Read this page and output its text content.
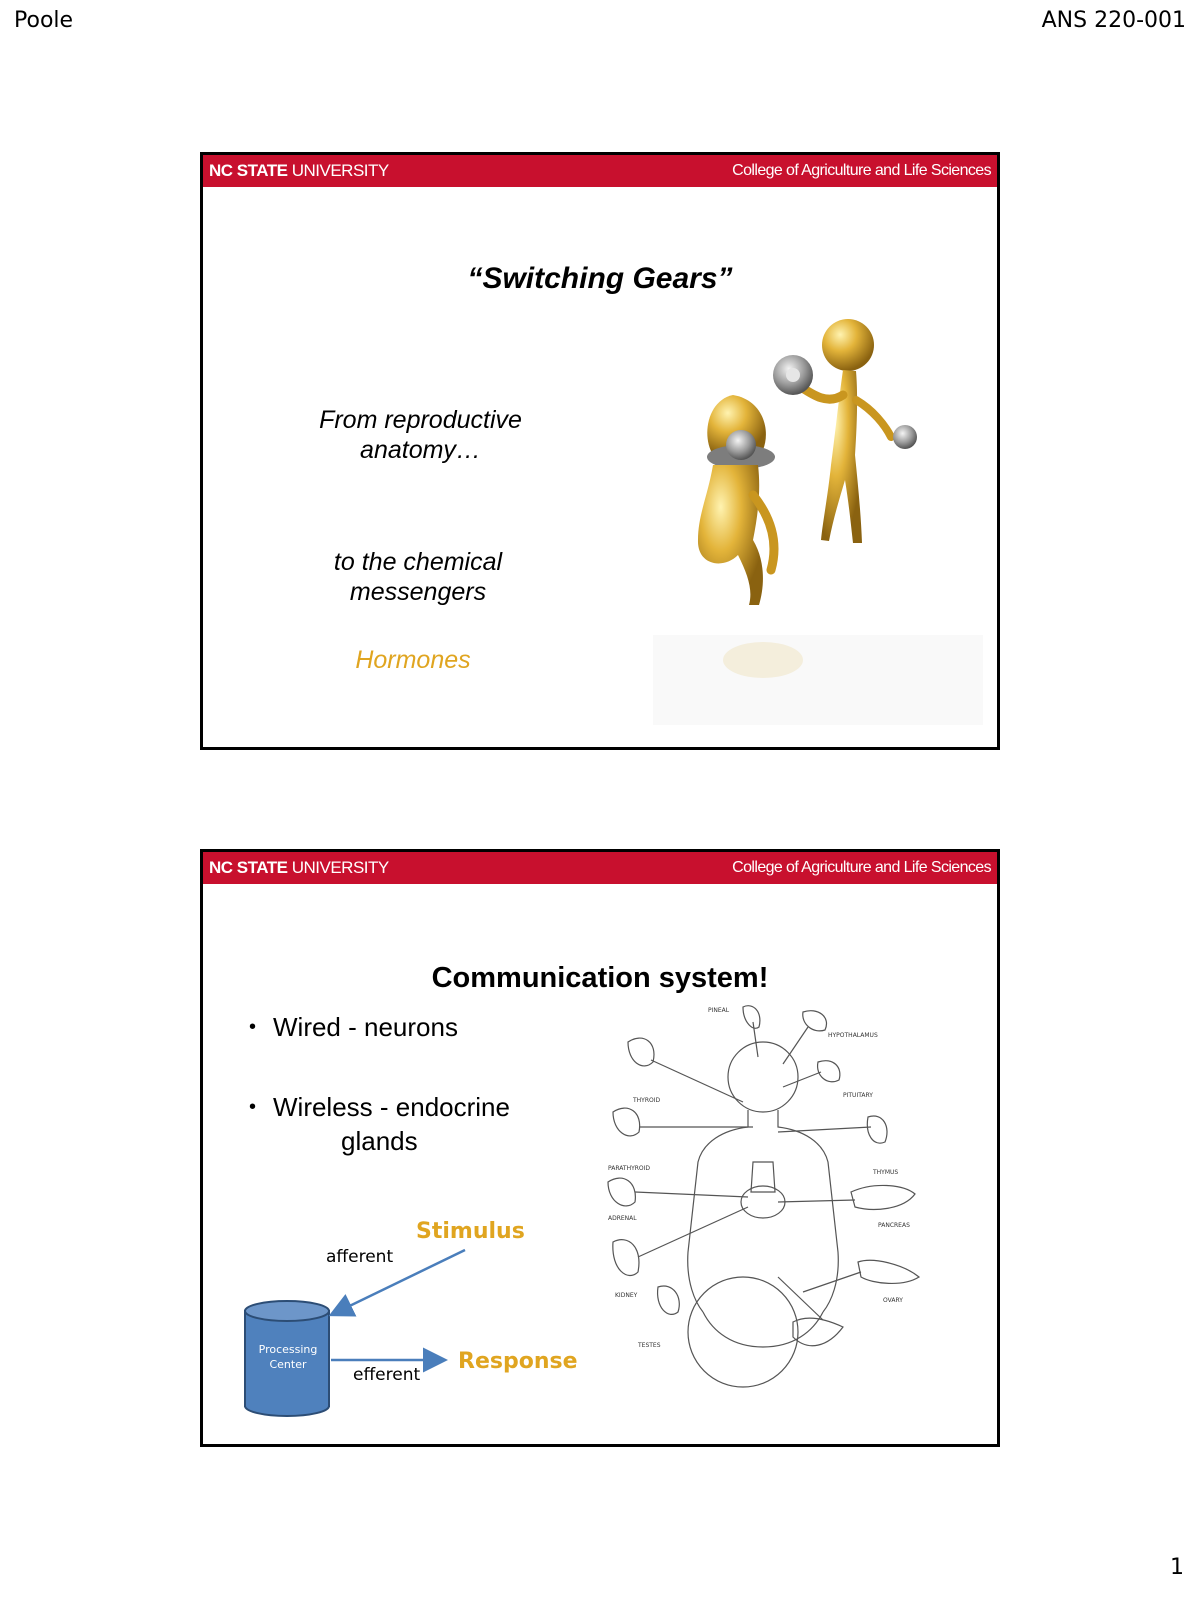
Poole	ANS 220-001
NC STATE UNIVERSITY	College of Agriculture and Life Sciences
“Switching Gears”
From reproductive anatomy…
to the chemical messengers
Hormones
NC STATE UNIVERSITY	College of Agriculture and Life Sciences
Communication system!
• Wired - neurons
• Wireless - endocrine
glands
Stimulus
afferent
Response
efferent
Processing
Center
PINEAL
HYPOTHALAMUS
THYROID
PITUITARY
PARATHYROID
THYMUS
ADRENAL
PANCREAS
KIDNEY
OVARY
TESTES
1
